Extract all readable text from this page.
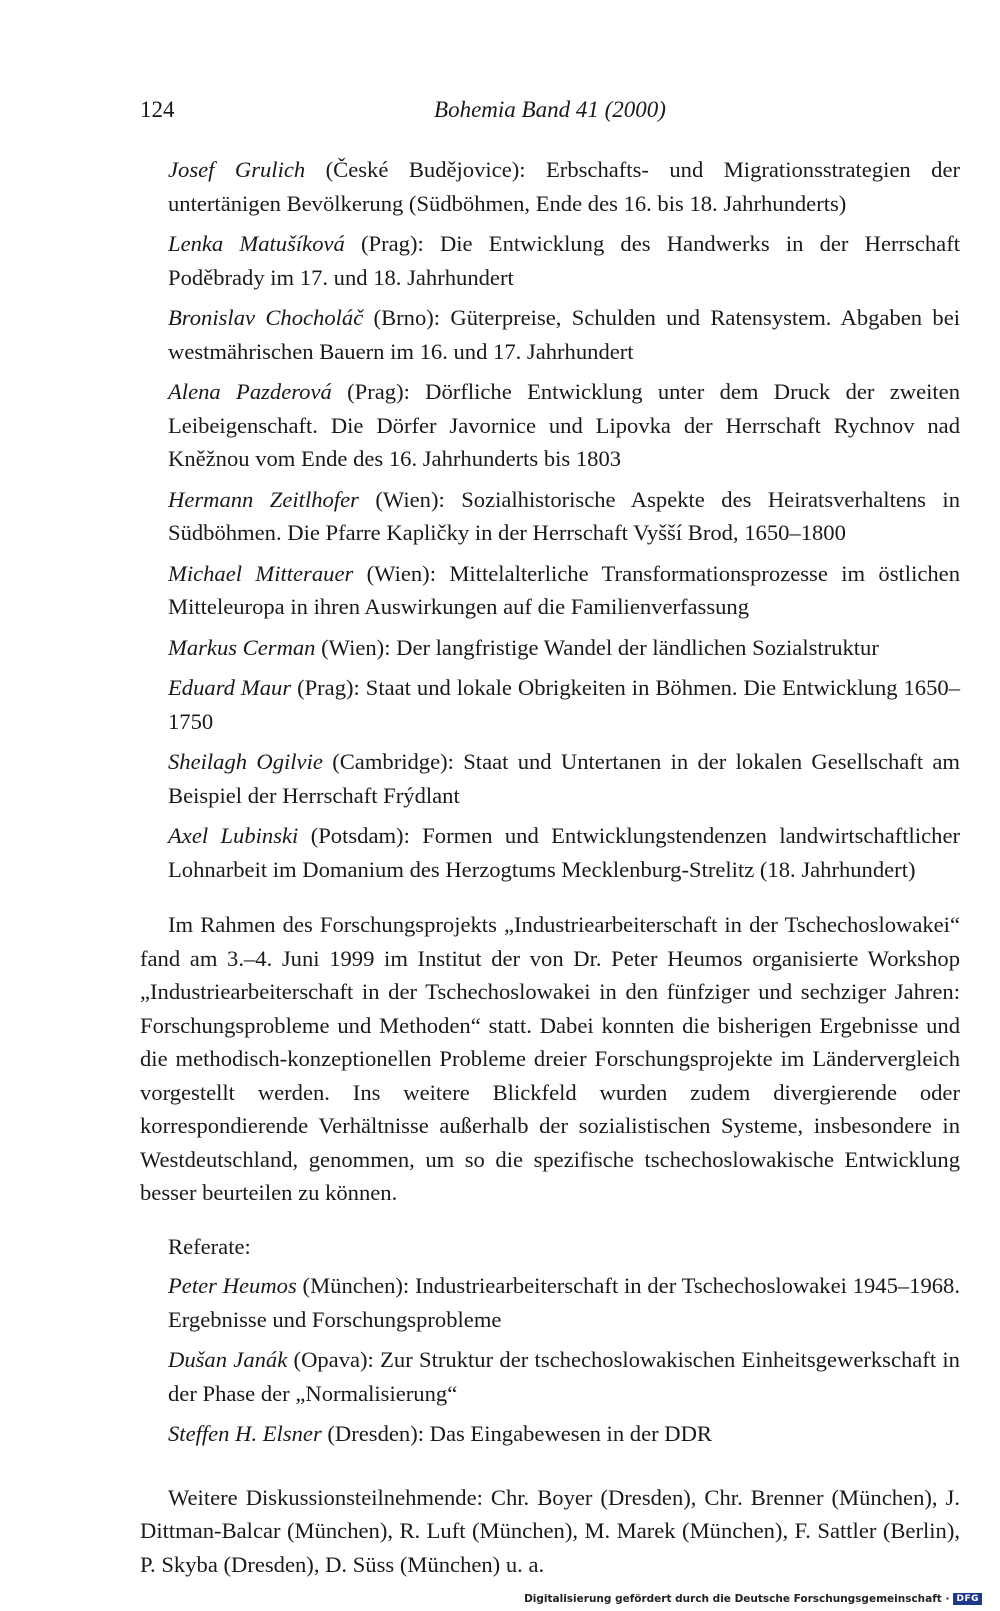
124	Bohemia Band 41 (2000)

Josef Grulich (České Budějovice): Erbschafts- und Migrationsstrategien der untertänigen Bevölkerung (Südböhmen, Ende des 16. bis 18. Jahrhunderts)

Lenka Matušíková (Prag): Die Entwicklung des Handwerks in der Herrschaft Poděbrady im 17. und 18. Jahrhundert

Bronislav Chocholáč (Brno): Güterpreise, Schulden und Ratensystem. Abgaben bei westmährischen Bauern im 16. und 17. Jahrhundert

Alena Pazderová (Prag): Dörfliche Entwicklung unter dem Druck der zweiten Leibeigenschaft. Die Dörfer Javornice und Lipovka der Herrschaft Rychnov nad Kněžnou vom Ende des 16. Jahrhunderts bis 1803

Hermann Zeitlhofer (Wien): Sozialhistorische Aspekte des Heiratsverhaltens in Südböhmen. Die Pfarre Kapličky in der Herrschaft Vyšší Brod, 1650–1800

Michael Mitterauer (Wien): Mittelalterliche Transformationsprozesse im östlichen Mitteleuropa in ihren Auswirkungen auf die Familienverfassung

Markus Cerman (Wien): Der langfristige Wandel der ländlichen Sozialstruktur

Eduard Maur (Prag): Staat und lokale Obrigkeiten in Böhmen. Die Entwicklung 1650–1750

Sheilagh Ogilvie (Cambridge): Staat und Untertanen in der lokalen Gesellschaft am Beispiel der Herrschaft Frýdlant

Axel Lubinski (Potsdam): Formen und Entwicklungstendenzen landwirtschaftlicher Lohnarbeit im Domanium des Herzogtums Mecklenburg-Strelitz (18. Jahrhundert)

Im Rahmen des Forschungsprojekts „Industriearbeiterschaft in der Tschechoslowakei“ fand am 3.–4. Juni 1999 im Institut der von Dr. Peter Heumos organisierte Workshop „Industriearbeiterschaft in der Tschechoslowakei in den fünfziger und sechziger Jahren: Forschungsprobleme und Methoden“ statt. Dabei konnten die bisherigen Ergebnisse und die methodisch-konzeptionellen Probleme dreier Forschungsprojekte im Ländervergleich vorgestellt werden. Ins weitere Blickfeld wurden zudem divergierende oder korrespondierende Verhältnisse außerhalb der sozialistischen Systeme, insbesondere in Westdeutschland, genommen, um so die spezifische tschechoslowakische Entwicklung besser beurteilen zu können.

Referate:

Peter Heumos (München): Industriearbeiterschaft in der Tschechoslowakei 1945–1968. Ergebnisse und Forschungsprobleme

Dušan Janák (Opava): Zur Struktur der tschechoslowakischen Einheitsgewerkschaft in der Phase der „Normalisierung“

Steffen H. Elsner (Dresden): Das Eingabewesen in der DDR

Weitere Diskussionsteilnehmende: Chr. Boyer (Dresden), Chr. Brenner (München), J. Dittman-Balcar (München), R. Luft (München), M. Marek (München), F. Sattler (Berlin), P. Skyba (Dresden), D. Süss (München) u. a.

Digitalisierung gefördert durch die Deutsche Forschungsgemeinschaft · DFG
